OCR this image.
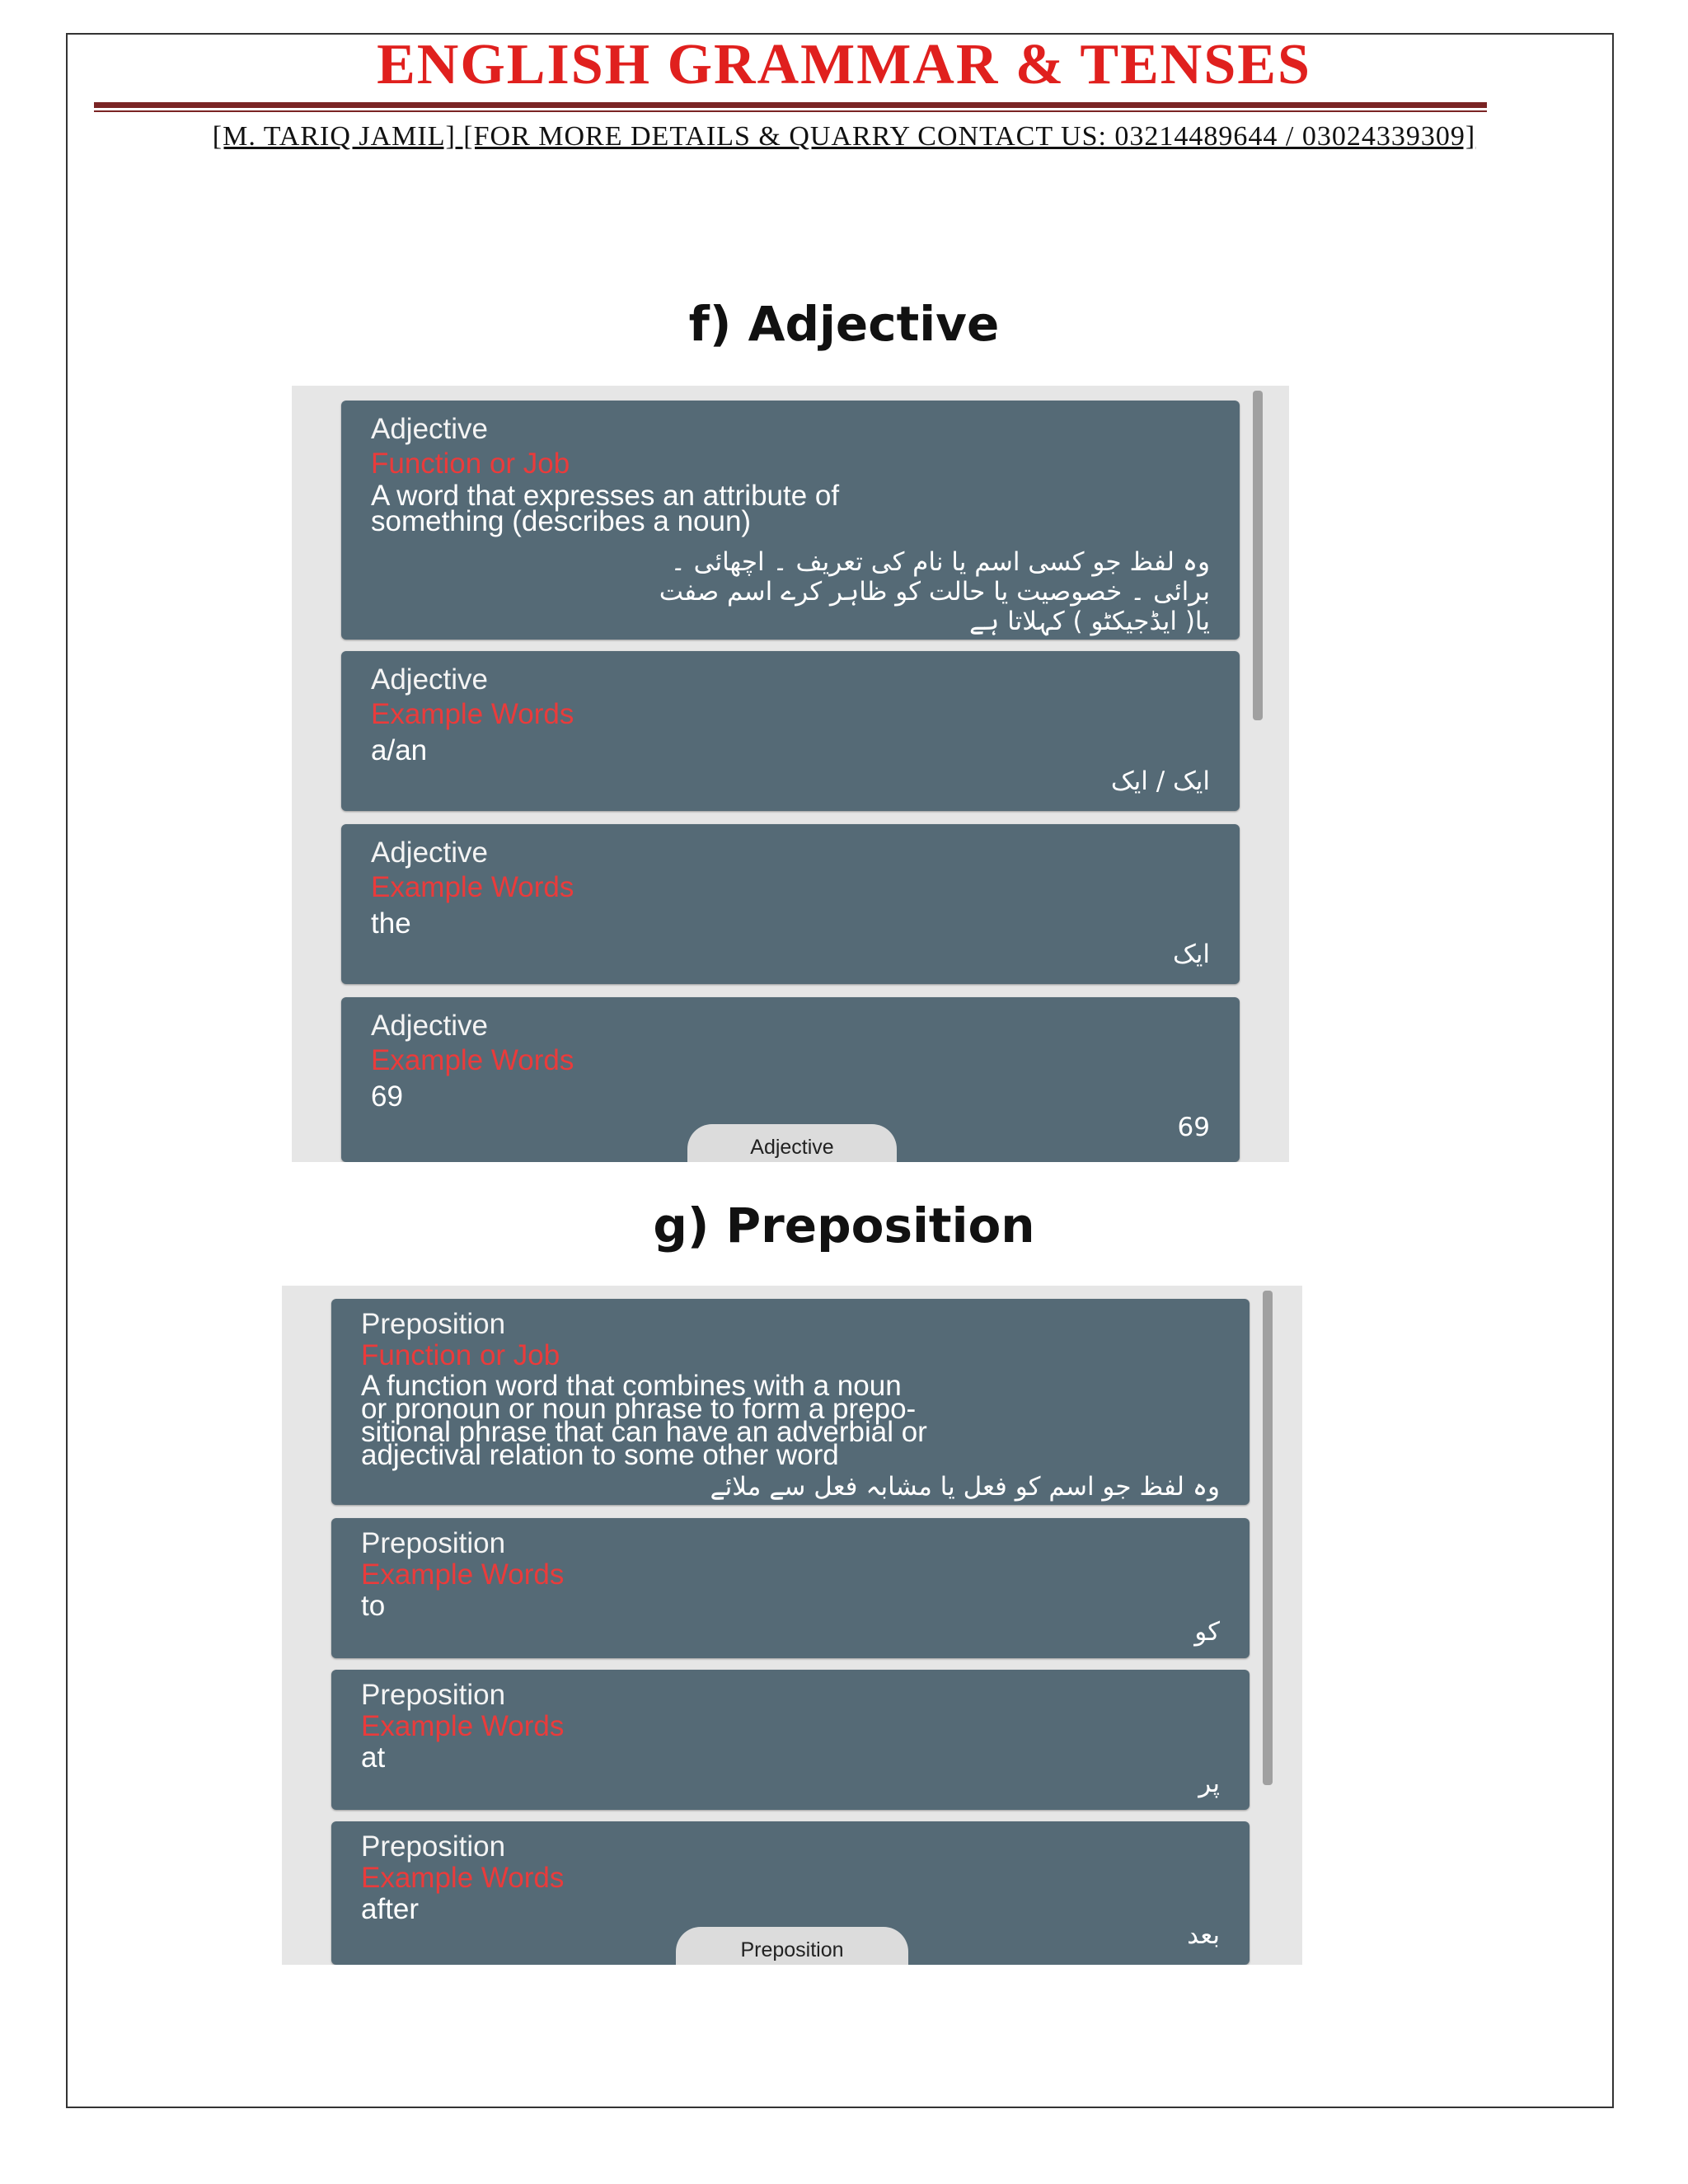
ENGLISH GRAMMAR & TENSES
[M. TARIQ JAMIL] [FOR MORE DETAILS & QUARRY CONTACT US: 03214489644 / 03024339309]
f) Adjective
Adjective
Function or Job
A word that expresses an attribute of
something (describes a noun)
وہ لفظ جو کسی اسم یا نام کی تعریف ۔ اچھائی ۔
برائی ۔ خصوصیت یا حالت کو ظاہر کرے اسم صفت
یا( ایڈجیکٹو ) کہلاتا ہے
Adjective
Example Words
a/an
ایک / ایک
Adjective
Example Words
the
ایک
Adjective
Example Words
69
69
Adjective
g) Preposition
Preposition
Function or Job
A function word that combines with a noun
or pronoun or noun phrase to form a prepo-
sitional phrase that can have an adverbial or
adjectival relation to some other word
وہ لفظ جو اسم کو فعل یا مشابہ فعل سے ملائے
Preposition
Example Words
to
کو
Preposition
Example Words
at
پر
Preposition
Example Words
after
بعد
Preposition
